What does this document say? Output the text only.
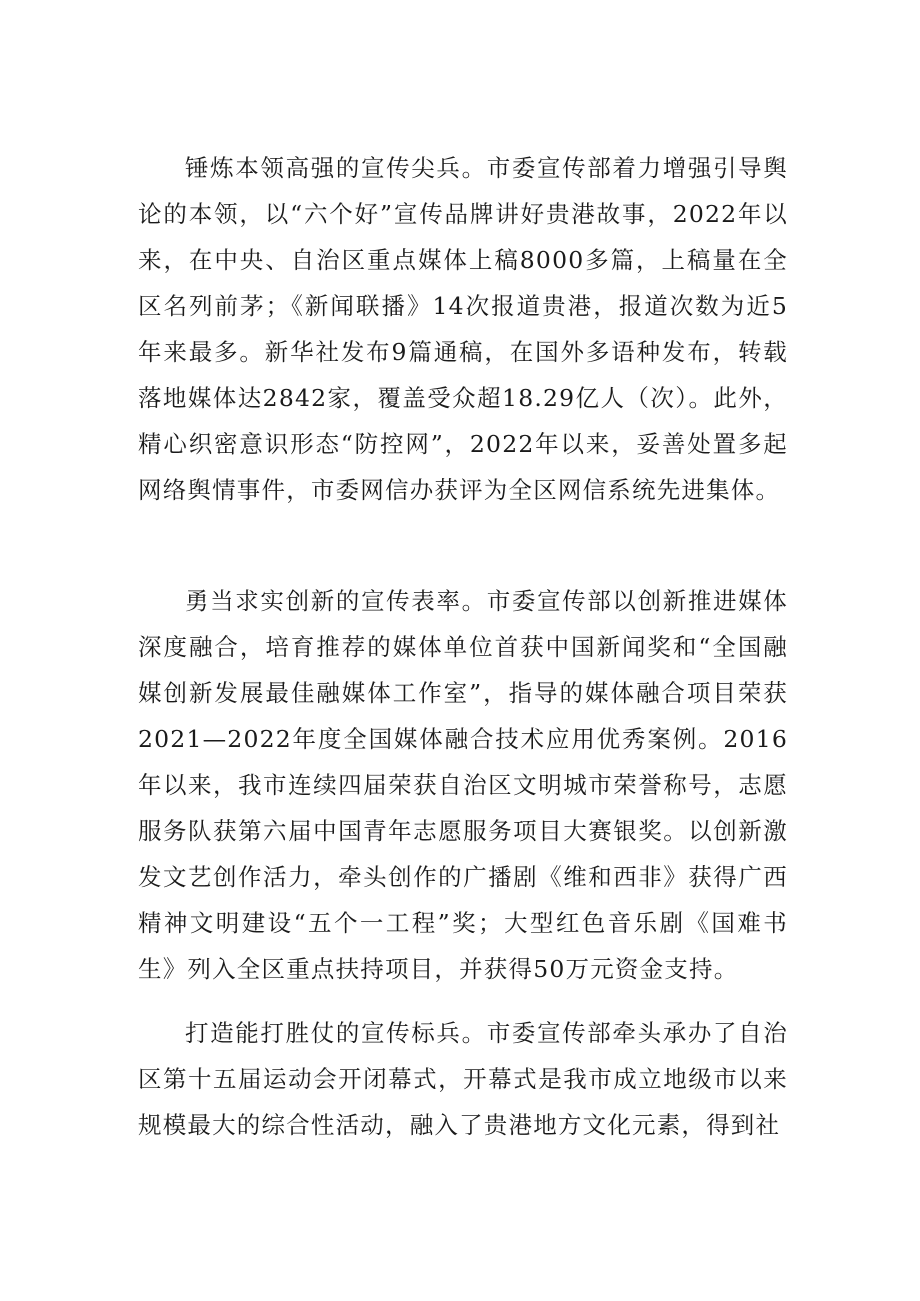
锤炼本领高强的宣传尖兵。市委宣传部着力增强引导舆论的本领，以“六个好”宣传品牌讲好贵港故事，2022年以来，在中央、自治区重点媒体上稿8000多篇，上稿量在全区名列前茅；《新闻联播》14次报道贵港，报道次数为近5年来最多。新华社发布9篇通稿，在国外多语种发布，转载落地媒体达2842家，覆盖受众超18.29亿人（次）。此外，精心织密意识形态“防控网”，2022年以来，妥善处置多起网络舆情事件，市委网信办获评为全区网信系统先进集体。

勇当求实创新的宣传表率。市委宣传部以创新推进媒体深度融合，培育推荐的媒体单位首获中国新闻奖和“全国融媒创新发展最佳融媒体工作室”，指导的媒体融合项目荣获2021—2022年度全国媒体融合技术应用优秀案例。2016年以来，我市连续四届荣获自治区文明城市荣誉称号，志愿服务队获第六届中国青年志愿服务项目大赛银奖。以创新激发文艺创作活力，牵头创作的广播剧《维和西非》获得广西精神文明建设“五个一工程”奖；大型红色音乐剧《国难书生》列入全区重点扶持项目，并获得50万元资金支持。

打造能打胜仗的宣传标兵。市委宣传部牵头承办了自治区第十五届运动会开闭幕式，开幕式是我市成立地级市以来规模最大的综合性活动，融入了贵港地方文化元素，得到社
